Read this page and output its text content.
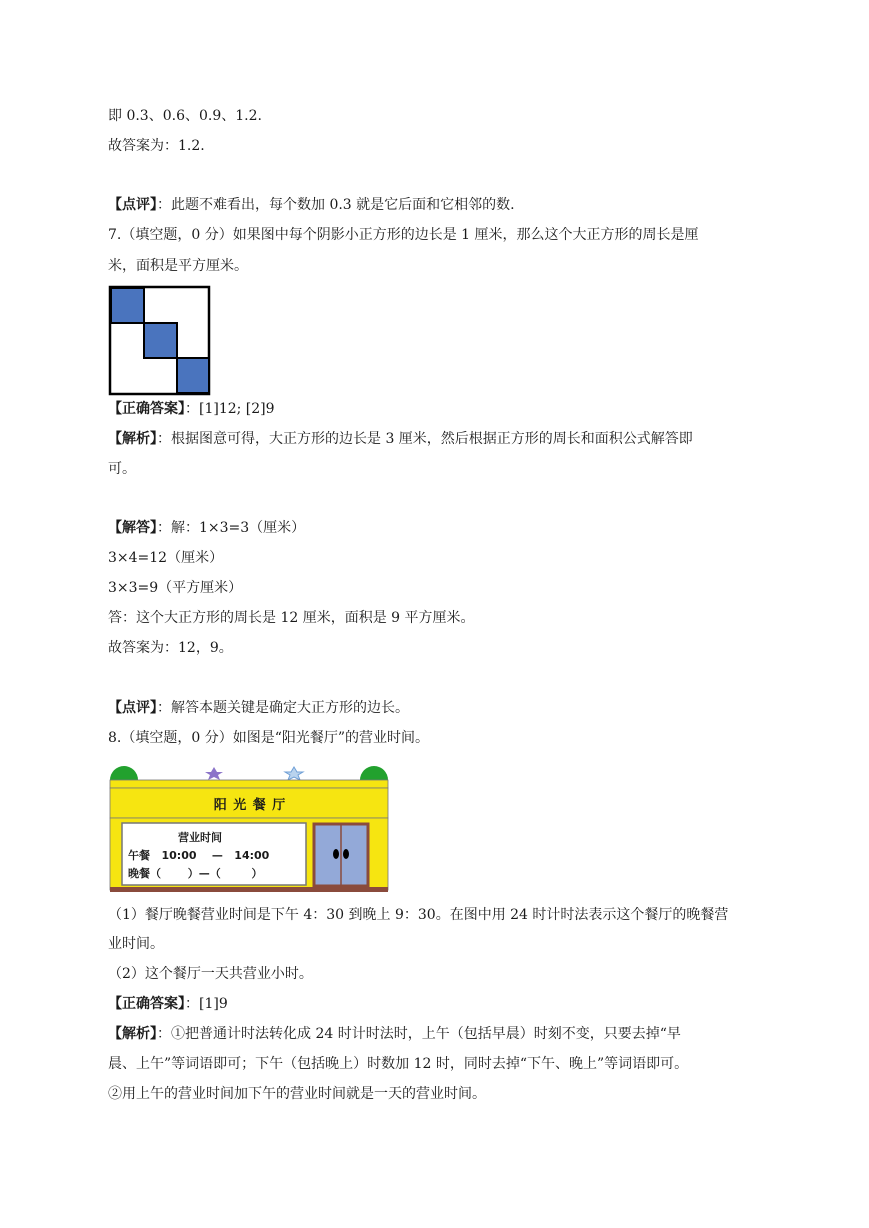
即 0.3、0.6、0.9、1.2.
故答案为：1.2.
【点评】：此题不难看出，每个数加 0.3 就是它后面和它相邻的数.
7.（填空题，0 分）如果图中每个阴影小正方形的边长是 1 厘米，那么这个大正方形的周长是厘
米，面积是平方厘米。
【正确答案】：[1]12; [2]9
【解析】：根据图意可得，大正方形的边长是 3 厘米，然后根据正方形的周长和面积公式解答即
可。
【解答】：解：1×3=3（厘米）
3×4=12（厘米）
3×3=9（平方厘米）
答：这个大正方形的周长是 12 厘米，面积是 9 平方厘米。
故答案为：12，9。
【点评】：解答本题关键是确定大正方形的边长。
8.（填空题，0 分）如图是“阳光餐厅”的营业时间。
阳 光 餐 厅
营业时间
午餐   10:00    —   14:00
晚餐（       ）—（        ）
（1）餐厅晚餐营业时间是下午 4：30 到晚上 9：30。在图中用 24 时计时法表示这个餐厅的晚餐营
业时间。
（2）这个餐厅一天共营业小时。
【正确答案】：[1]9
【解析】：①把普通计时法转化成 24 时计时法时，上午（包括早晨）时刻不变，只要去掉“早
晨、上午”等词语即可；下午（包括晚上）时数加 12 时，同时去掉“下午、晚上”等词语即可。
②用上午的营业时间加下午的营业时间就是一天的营业时间。
